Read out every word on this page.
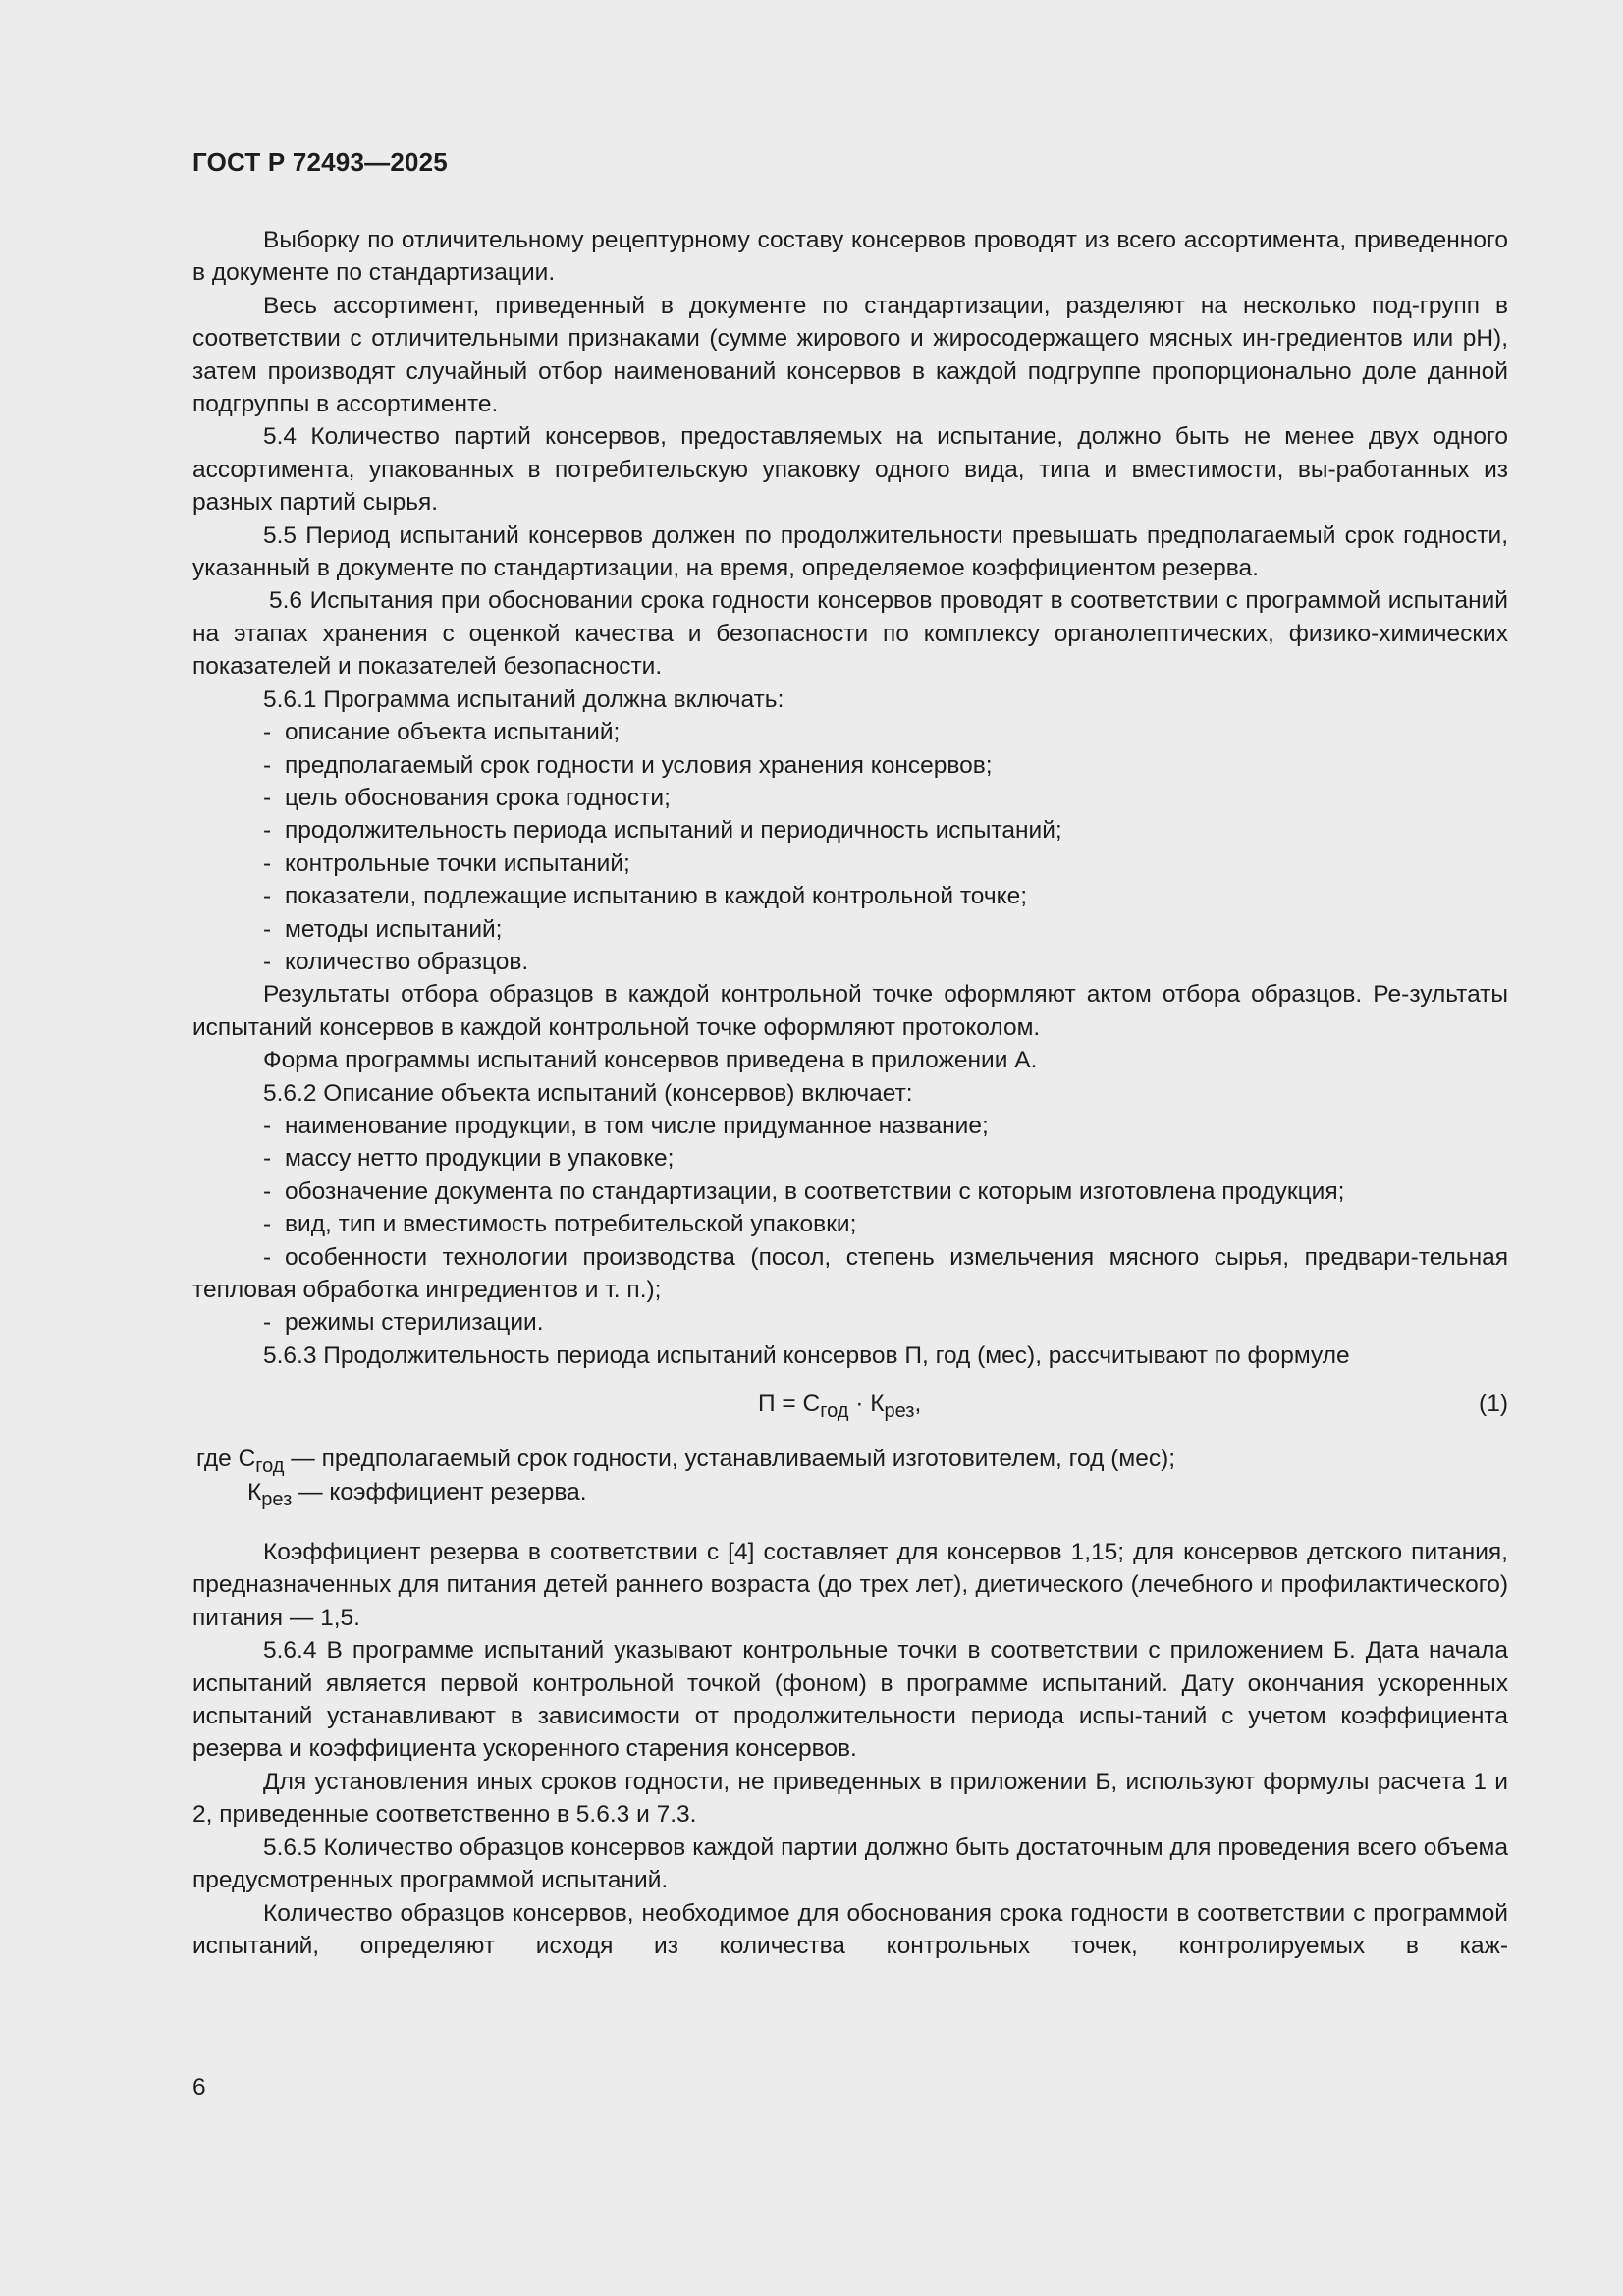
ГОСТ Р 72493—2025

Выборку по отличительному рецептурному составу консервов проводят из всего ассортимента, приведенного в документе по стандартизации.

Весь ассортимент, приведенный в документе по стандартизации, разделяют на несколько под-групп в соответствии с отличительными признаками (сумме жирового и жиросодержащего мясных ин-гредиентов или рН), затем производят случайный отбор наименований консервов в каждой подгруппе пропорционально доле данной подгруппы в ассортименте.

5.4 Количество партий консервов, предоставляемых на испытание, должно быть не менее двух одного ассортимента, упакованных в потребительскую упаковку одного вида, типа и вместимости, вы-работанных из разных партий сырья.

5.5 Период испытаний консервов должен по продолжительности превышать предполагаемый срок годности, указанный в документе по стандартизации, на время, определяемое коэффициентом резерва.

5.6 Испытания при обосновании срока годности консервов проводят в соответствии с программой испытаний на этапах хранения с оценкой качества и безопасности по комплексу органолептических, физико-химических показателей и показателей безопасности.

5.6.1 Программа испытаний должна включать:

- описание объекта испытаний;

- предполагаемый срок годности и условия хранения консервов;

- цель обоснования срока годности;

- продолжительность периода испытаний и периодичность испытаний;

- контрольные точки испытаний;

- показатели, подлежащие испытанию в каждой контрольной точке;

- методы испытаний;

- количество образцов.

Результаты отбора образцов в каждой контрольной точке оформляют актом отбора образцов. Ре-зультаты испытаний консервов в каждой контрольной точке оформляют протоколом.

Форма программы испытаний консервов приведена в приложении А.

5.6.2 Описание объекта испытаний (консервов) включает:

- наименование продукции, в том числе придуманное название;

- массу нетто продукции в упаковке;

- обозначение документа по стандартизации, в соответствии с которым изготовлена продукция;

- вид, тип и вместимость потребительской упаковки;

- особенности технологии производства (посол, степень измельчения мясного сырья, предвари-тельная тепловая обработка ингредиентов и т. п.);

- режимы стерилизации.

5.6.3 Продолжительность периода испытаний консервов П, год (мес), рассчитывают по формуле

$П = С_{год} \cdot К_{рез}$,	(1)

где $С_{год}$ — предполагаемый срок годности, устанавливаемый изготовителем, год (мес);

$К_{рез}$ — коэффициент резерва.

Коэффициент резерва в соответствии с [4] составляет для консервов 1,15; для консервов детского питания, предназначенных для питания детей раннего возраста (до трех лет), диетического (лечебного и профилактического) питания — 1,5.

5.6.4 В программе испытаний указывают контрольные точки в соответствии с приложением Б. Дата начала испытаний является первой контрольной точкой (фоном) в программе испытаний. Дату окончания ускоренных испытаний устанавливают в зависимости от продолжительности периода испы-таний с учетом коэффициента резерва и коэффициента ускоренного старения консервов.

Для установления иных сроков годности, не приведенных в приложении Б, используют формулы расчета 1 и 2, приведенные соответственно в 5.6.3 и 7.3.

5.6.5 Количество образцов консервов каждой партии должно быть достаточным для проведения всего объема предусмотренных программой испытаний.

Количество образцов консервов, необходимое для обоснования срока годности в соответствии с программой испытаний, определяют исходя из количества контрольных точек, контролируемых в каж-

6
